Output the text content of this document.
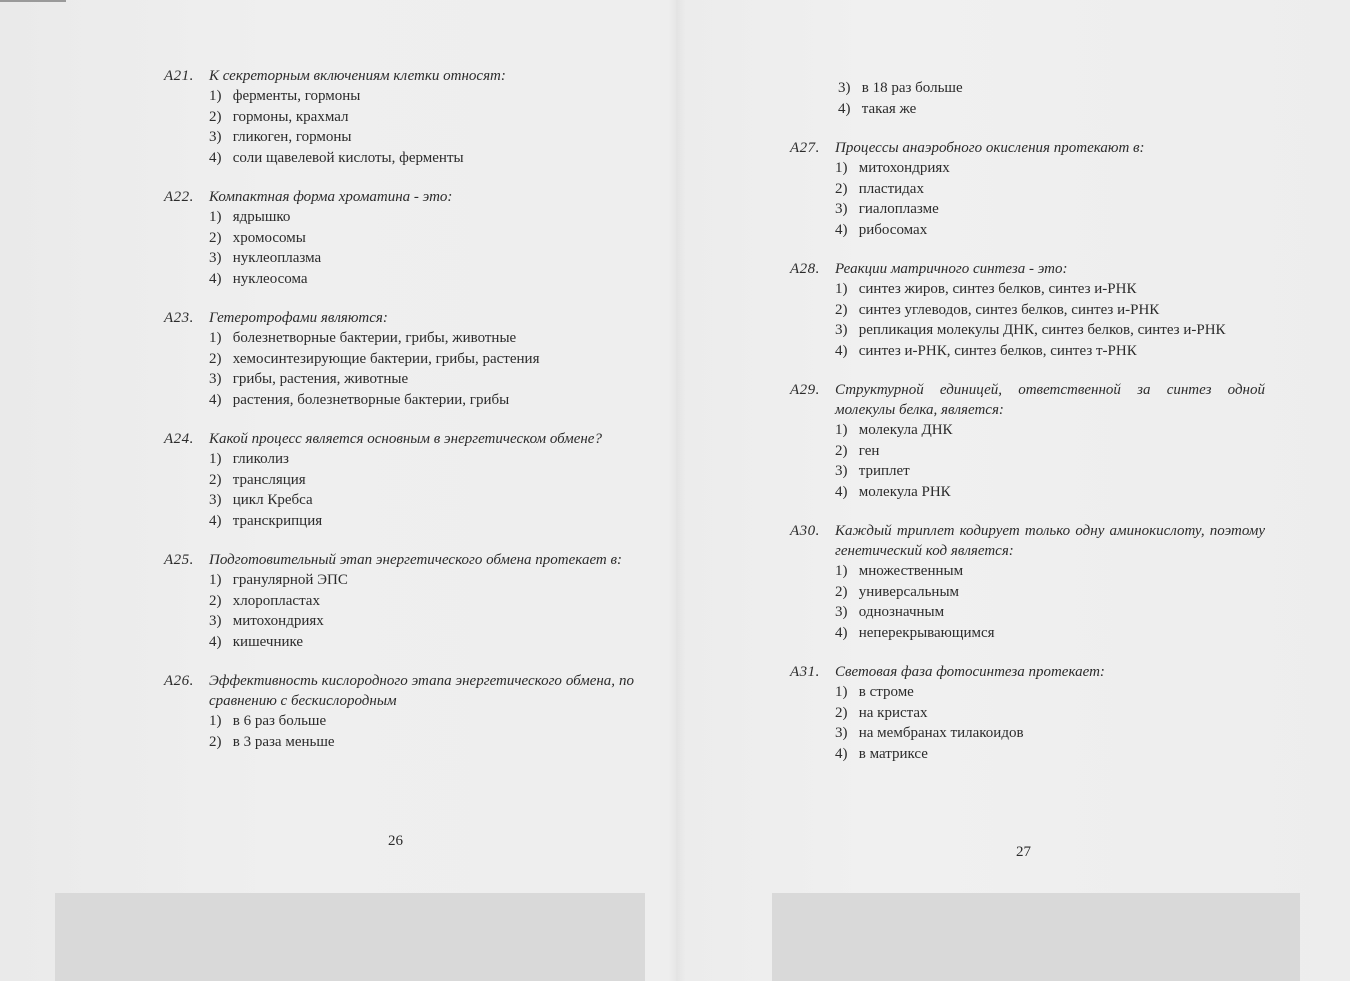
A21.	К секреторным включениям клетки относят:
1) ферменты, гормоны
2) гормоны, крахмал
3) гликоген, гормоны
4) соли щавелевой кислоты, ферменты
A22.	Компактная форма хроматина - это:
1) ядрышко
2) хромосомы
3) нуклеоплазма
4) нуклеосома
A23.	Гетеротрофами являются:
1) болезнетворные бактерии, грибы, животные
2) хемосинтезирующие бактерии, грибы, растения
3) грибы, растения, животные
4) растения, болезнетворные бактерии, грибы
A24.	Какой процесс является основным в энергетическом обмене?
1) гликолиз
2) трансляция
3) цикл Кребса
4) транскрипция
A25.	Подготовительный этап энергетического обмена протекает в:
1) гранулярной ЭПС
2) хлоропластах
3) митохондриях
4) кишечнике
A26.	Эффективность кислородного этапа энергетического обмена, по сравнению с бескислородным
1) в 6 раз больше
2) в 3 раза меньше
26
3) в 18 раз больше
4) такая же
A27.	Процессы анаэробного окисления протекают в:
1) митохондриях
2) пластидах
3) гиалоплазме
4) рибосомах
A28.	Реакции матричного синтеза - это:
1) синтез жиров, синтез белков, синтез и-РНК
2) синтез углеводов, синтез белков, синтез и-РНК
3) репликация молекулы ДНК, синтез белков, синтез и-РНК
4) синтез и-РНК, синтез белков, синтез т-РНК
A29.	Структурной единицей, ответственной за синтез одной молекулы белка, является:
1) молекула ДНК
2) ген
3) триплет
4) молекула РНК
A30.	Каждый триплет кодирует только одну аминокислоту, поэтому генетический код является:
1) множественным
2) универсальным
3) однозначным
4) неперекрывающимся
A31.	Световая фаза фотосинтеза протекает:
1) в строме
2) на кристах
3) на мембранах тилакоидов
4) в матриксе
27
